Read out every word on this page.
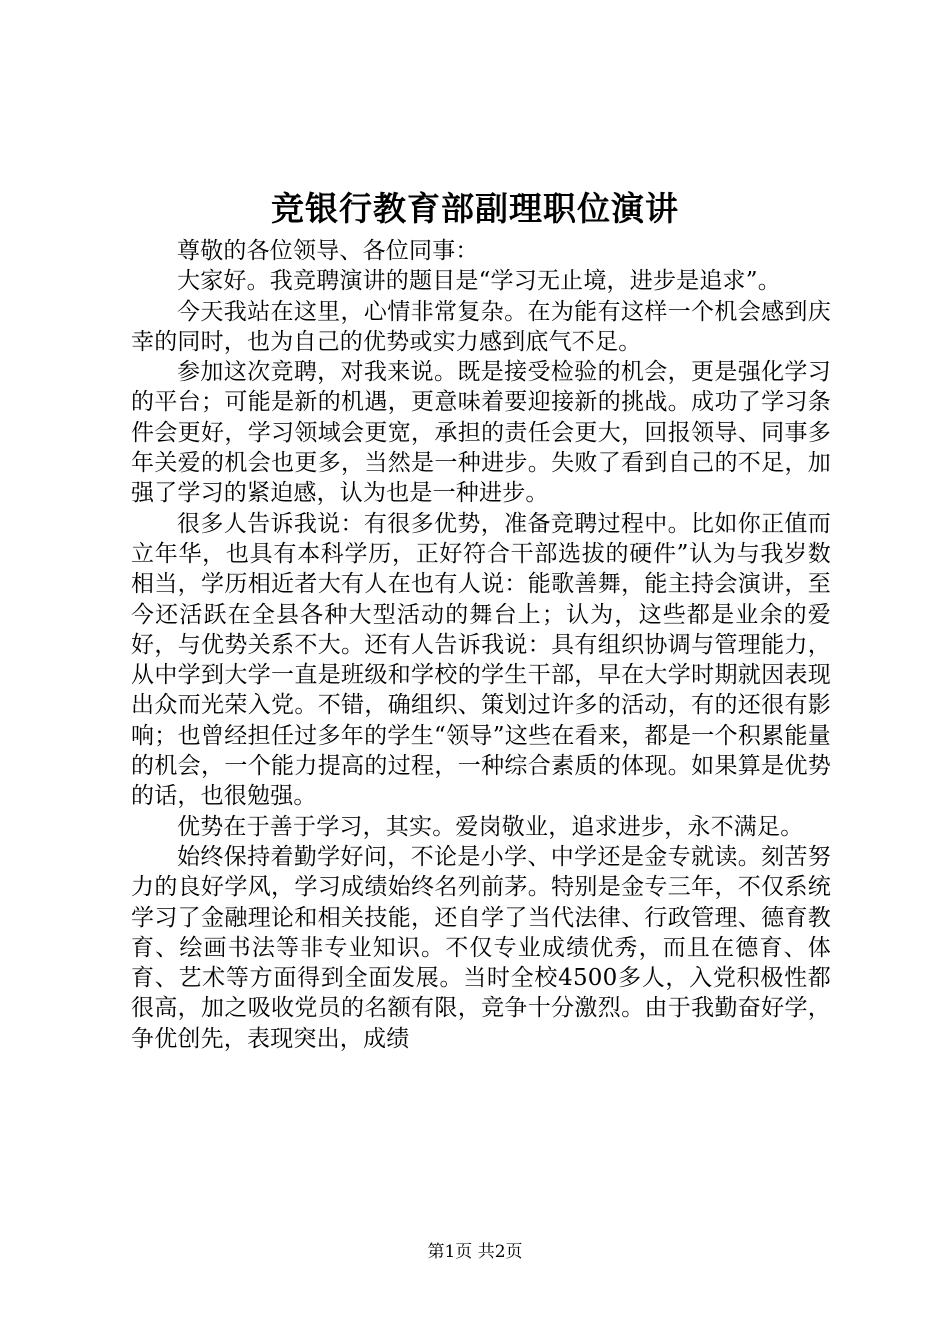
竞银行教育部副理职位演讲

尊敬的各位领导、各位同事：

大家好。我竞聘演讲的题目是“学习无止境，进步是追求”。

今天我站在这里，心情非常复杂。在为能有这样一个机会感到庆幸的同时，也为自己的优势或实力感到底气不足。

参加这次竞聘，对我来说。既是接受检验的机会，更是强化学习的平台；可能是新的机遇，更意味着要迎接新的挑战。成功了学习条件会更好，学习领域会更宽，承担的责任会更大，回报领导、同事多年关爱的机会也更多，当然是一种进步。失败了看到自己的不足，加强了学习的紧迫感，认为也是一种进步。

很多人告诉我说：有很多优势，准备竞聘过程中。比如你正值而立年华，也具有本科学历，正好符合干部选拔的硬件”认为与我岁数相当，学历相近者大有人在也有人说：能歌善舞，能主持会演讲，至今还活跃在全县各种大型活动的舞台上；认为，这些都是业余的爱好，与优势关系不大。还有人告诉我说：具有组织协调与管理能力，从中学到大学一直是班级和学校的学生干部，早在大学时期就因表现出众而光荣入党。不错，确组织、策划过许多的活动，有的还很有影响；也曾经担任过多年的学生“领导”这些在看来，都是一个积累能量的机会，一个能力提高的过程，一种综合素质的体现。如果算是优势的话，也很勉强。

优势在于善于学习，其实。爱岗敬业，追求进步，永不满足。

始终保持着勤学好问，不论是小学、中学还是金专就读。刻苦努力的良好学风，学习成绩始终名列前茅。特别是金专三年，不仅系统学习了金融理论和相关技能，还自学了当代法律、行政管理、德育教育、绘画书法等非专业知识。不仅专业成绩优秀，而且在德育、体育、艺术等方面得到全面发展。当时全校4500多人，入党积极性都很高，加之吸收党员的名额有限，竞争十分激烈。由于我勤奋好学，争优创先，表现突出，成绩

第1页 共2页
